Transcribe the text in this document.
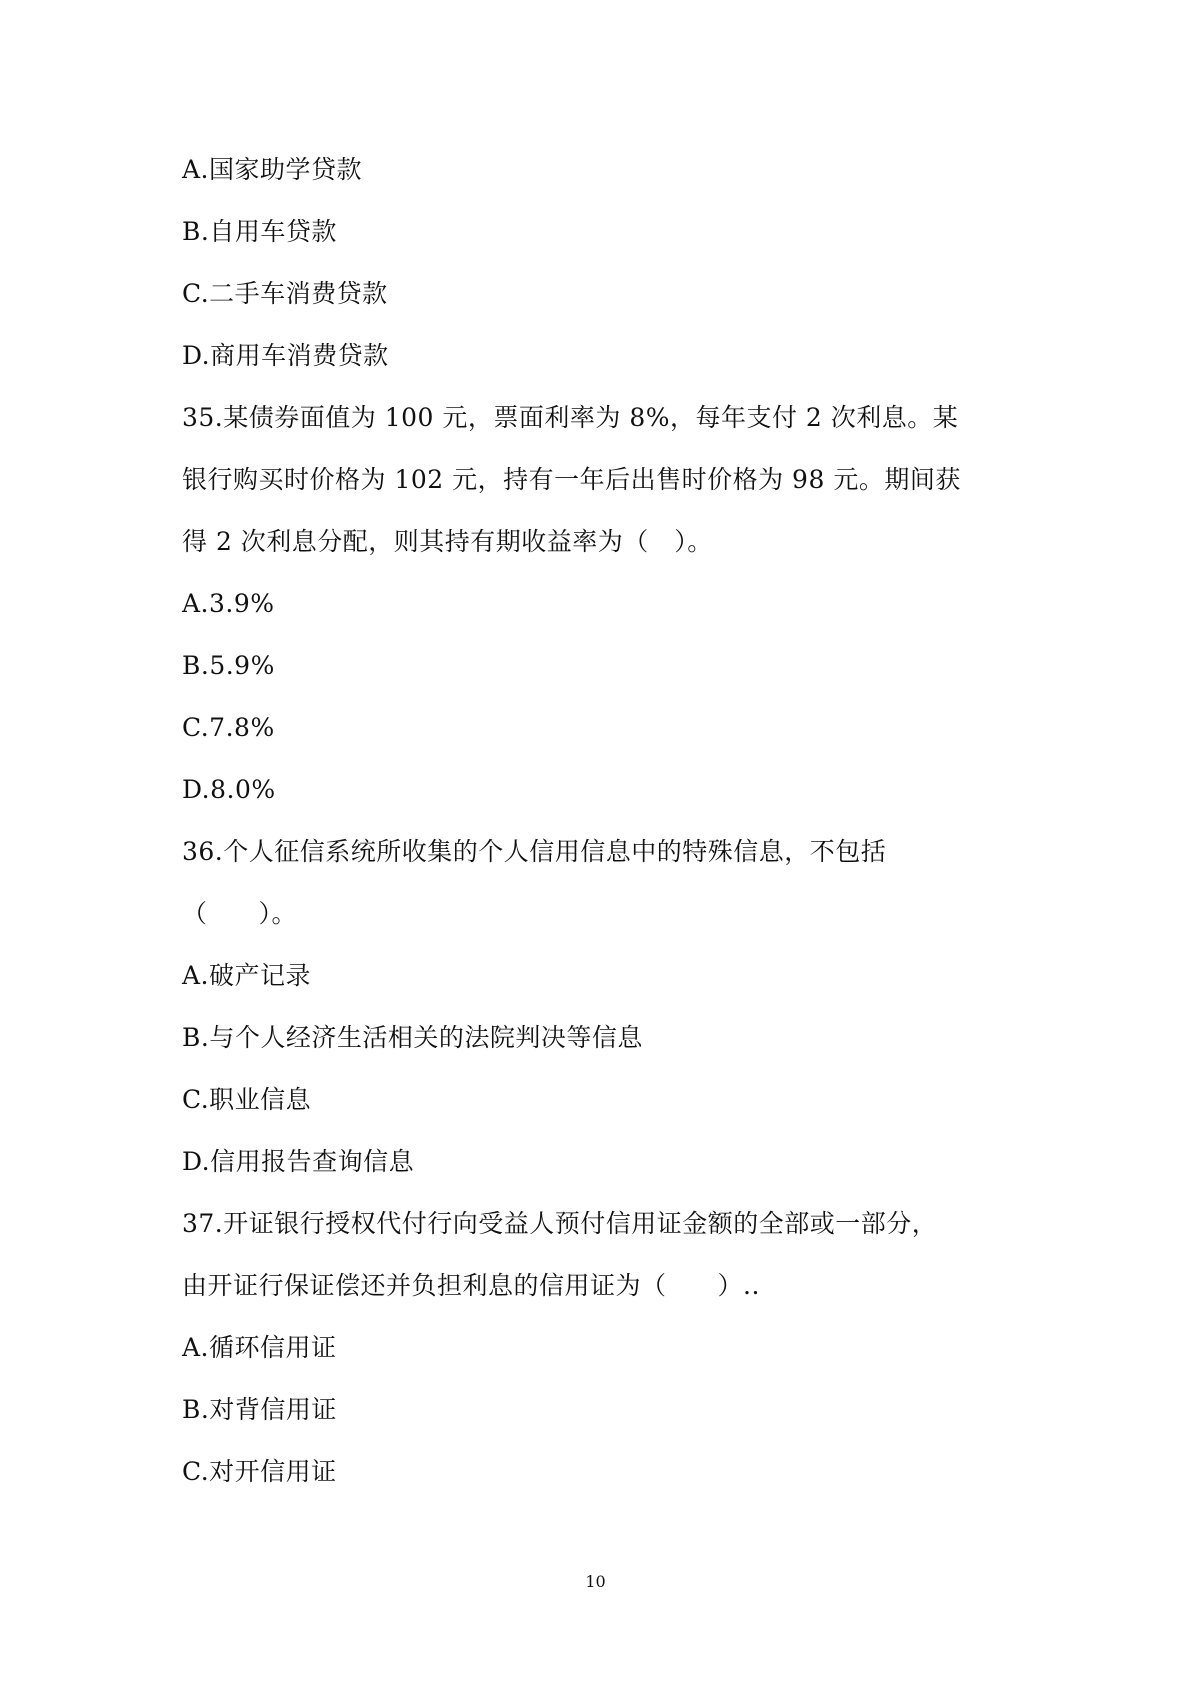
A.国家助学贷款
B.自用车贷款
C.二手车消费贷款
D.商用车消费贷款
35.某债券面值为 100 元，票面利率为 8%，每年支付 2 次利息。某
银行购买时价格为 102 元，持有一年后出售时价格为 98 元。期间获
得 2 次利息分配，则其持有期收益率为（　）。
A.3.9%
B.5.9%
C.7.8%
D.8.0%
36.个人征信系统所收集的个人信用信息中的特殊信息，不包括
（　　）。
A.破产记录
B.与个人经济生活相关的法院判决等信息
C.职业信息
D.信用报告查询信息
37.开证银行授权代付行向受益人预付信用证金额的全部或一部分，
由开证行保证偿还并负担利息的信用证为（　　）..
A.循环信用证
B.对背信用证
C.对开信用证
10
